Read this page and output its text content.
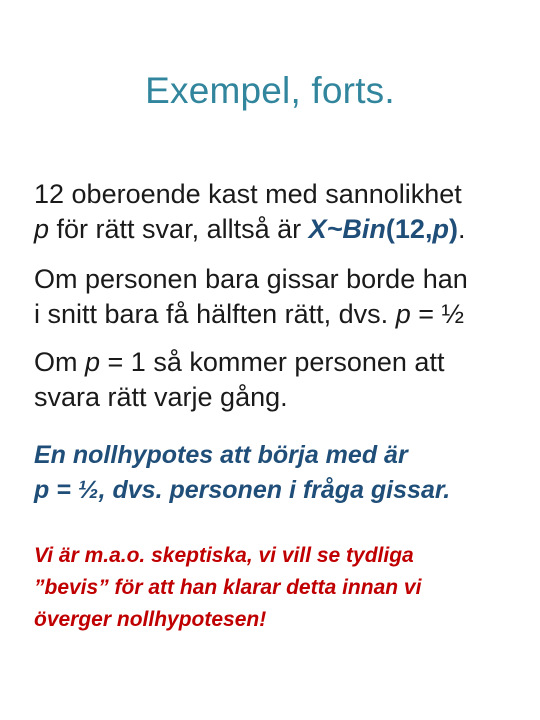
Exempel, forts.
12 oberoende kast med sannolikhet
p för rätt svar, alltså är X~Bin(12,p).
Om personen bara gissar borde han
i snitt bara få hälften rätt, dvs. p = ½
Om p = 1 så kommer personen att
svara rätt varje gång.
En nollhypotes att börja med är
p = ½, dvs. personen i fråga gissar.
Vi är m.a.o. skeptiska, vi vill se tydliga
”bevis” för att han klarar detta innan vi
överger nollhypotesen!
